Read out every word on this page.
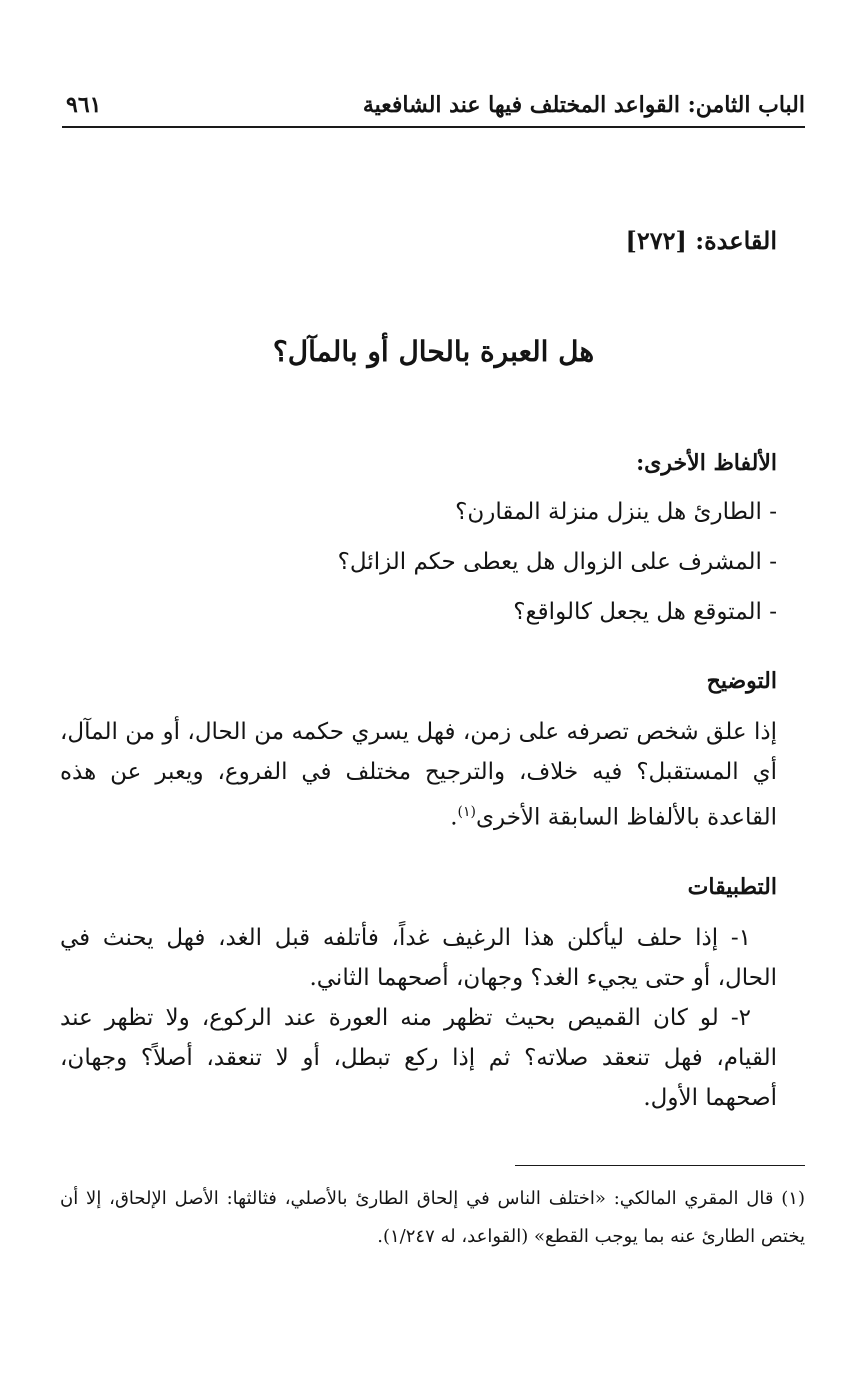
الباب الثامن: القواعد المختلف فيها عند الشافعية
٩٦١
القاعدة: [٢٧٢]
هل العبرة بالحال أو بالمآل؟
الألفاظ الأخرى:
- الطارئ هل ينزل منزلة المقارن؟
- المشرف على الزوال هل يعطى حكم الزائل؟
- المتوقع هل يجعل كالواقع؟
التوضيح

إذا علق شخص تصرفه على زمن، فهل يسري حكمه من الحال، أو من المآل، أي المستقبل؟ فيه خلاف، والترجيح مختلف في الفروع، ويعبر عن هذه القاعدة بالألفاظ السابقة الأخرى$^{(١)}$.

التطبيقات

١- إذا حلف ليأكلن هذا الرغيف غداً، فأتلفه قبل الغد، فهل يحنث في الحال، أو حتى يجيء الغد؟ وجهان، أصحهما الثاني.

٢- لو كان القميص بحيث تظهر منه العورة عند الركوع، ولا تظهر عند القيام، فهل تنعقد صلاته؟ ثم إذا ركع تبطل، أو لا تنعقد، أصلاً؟ وجهان، أصحهما الأول.

(١) قال المقري المالكي: «اختلف الناس في إلحاق الطارئ بالأصلي، فثالثها: الأصل الإلحاق، إلا أن يختص الطارئ عنه بما يوجب القطع» (القواعد، له ١/٢٤٧).
